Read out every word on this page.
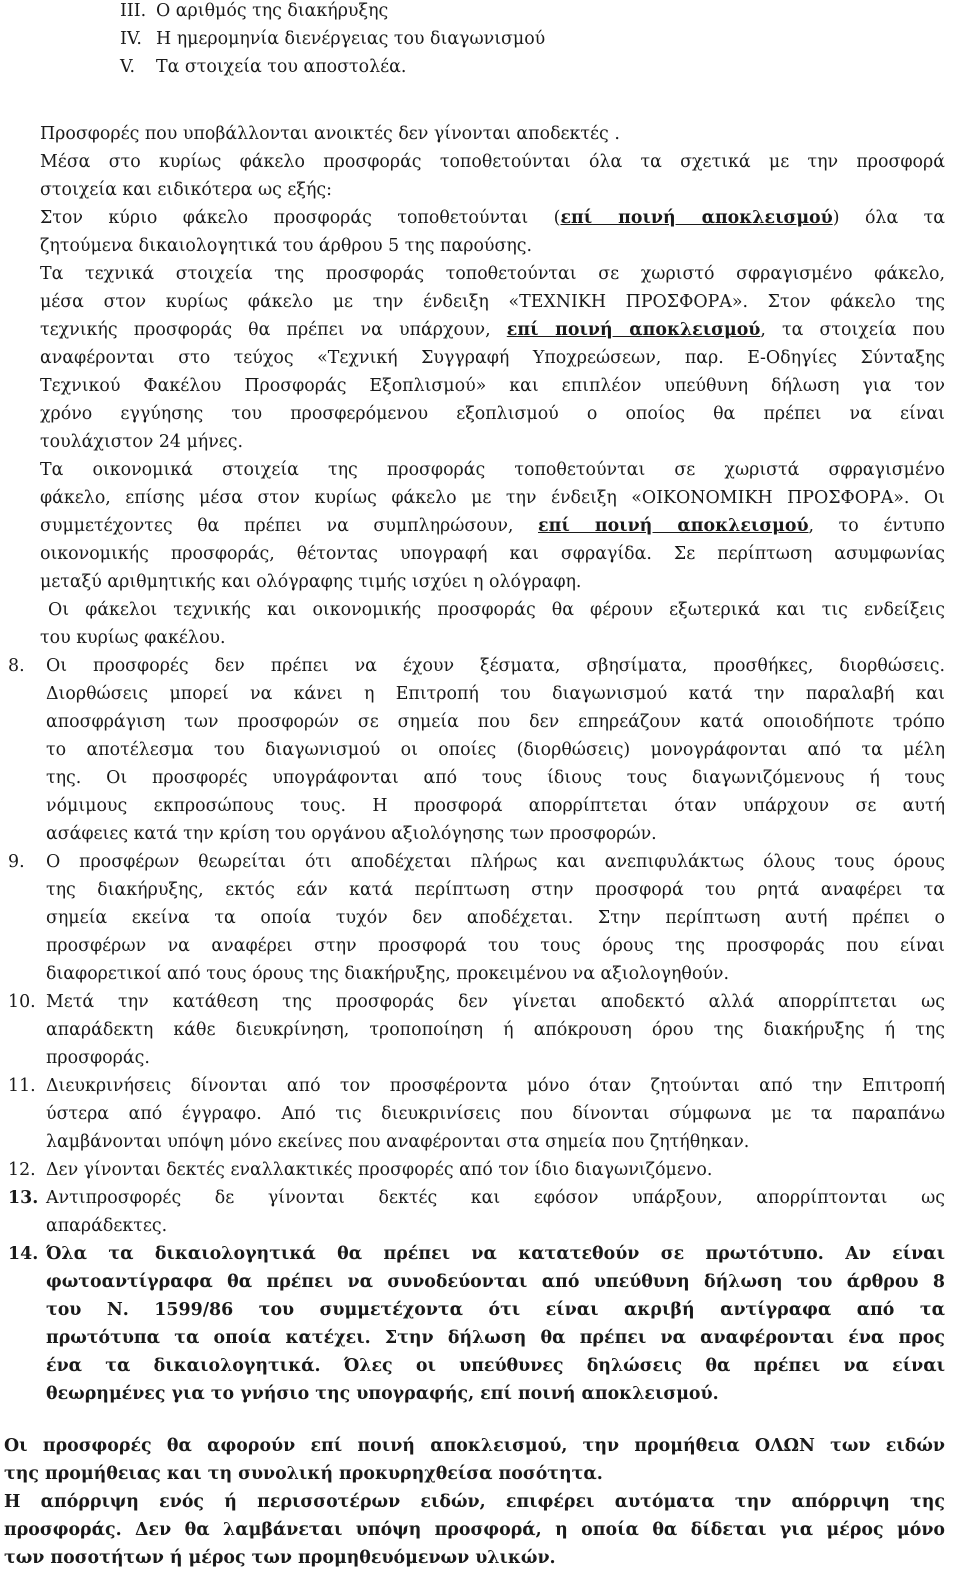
III. Ο αριθμός της διακήρυξης
IV. Η ημερομηνία διενέργειας του διαγωνισμού
V. Τα στοιχεία του αποστολέα.
Προσφορές που υποβάλλονται ανοικτές δεν γίνονται αποδεκτές .
Μέσα στο κυρίως φάκελο προσφοράς τοποθετούνται όλα τα σχετικά με την προσφορά
στοιχεία και ειδικότερα ως εξής:
Στον κύριο φάκελο προσφοράς τοποθετούνται (επί ποινή αποκλεισμού) όλα τα
ζητούμενα δικαιολογητικά του άρθρου 5 της παρούσης.
Τα τεχνικά στοιχεία της προσφοράς τοποθετούνται σε χωριστό σφραγισμένο φάκελο,
μέσα στον κυρίως φάκελο με την ένδειξη «ΤΕΧΝΙΚΗ ΠΡΟΣΦΟΡΑ». Στον φάκελο της
τεχνικής προσφοράς θα πρέπει να υπάρχουν, επί ποινή αποκλεισμού, τα στοιχεία που
αναφέρονται στο τεύχος «Τεχνική Συγγραφή Υποχρεώσεων, παρ. Ε-Οδηγίες Σύνταξης
Τεχνικού Φακέλου Προσφοράς Εξοπλισμού» και επιπλέον υπεύθυνη δήλωση για τον
χρόνο εγγύησης του προσφερόμενου εξοπλισμού ο οποίος θα πρέπει να είναι
τουλάχιστον 24 μήνες.
Τα οικονομικά στοιχεία της προσφοράς τοποθετούνται σε χωριστά σφραγισμένο
φάκελο, επίσης μέσα στον κυρίως φάκελο με την ένδειξη «ΟΙΚΟΝΟΜΙΚΗ ΠΡΟΣΦΟΡΑ». Οι
συμμετέχοντες θα πρέπει να συμπληρώσουν, επί ποινή αποκλεισμού, το έντυπο
οικονομικής προσφοράς, θέτοντας υπογραφή και σφραγίδα. Σε περίπτωση ασυμφωνίας
μεταξύ αριθμητικής και ολόγραφης τιμής ισχύει η ολόγραφη.
Οι φάκελοι τεχνικής και οικονομικής προσφοράς θα φέρουν εξωτερικά και τις ενδείξεις
του κυρίως φακέλου.
8. Οι προσφορές δεν πρέπει να έχουν ξέσματα, σβησίματα, προσθήκες, διορθώσεις.
Διορθώσεις μπορεί να κάνει η Επιτροπή του διαγωνισμού κατά την παραλαβή και
αποσφράγιση των προσφορών σε σημεία που δεν επηρεάζουν κατά οποιοδήποτε τρόπο
το αποτέλεσμα του διαγωνισμού οι οποίες (διορθώσεις) μονογράφονται από τα μέλη
της. Οι προσφορές υπογράφονται από τους ίδιους τους διαγωνιζόμενους ή τους
νόμιμους εκπροσώπους τους. Η προσφορά απορρίπτεται όταν υπάρχουν σε αυτή
ασάφειες κατά την κρίση του οργάνου αξιολόγησης των προσφορών.
9. Ο προσφέρων θεωρείται ότι αποδέχεται πλήρως και ανεπιφυλάκτως όλους τους όρους
της διακήρυξης, εκτός εάν κατά περίπτωση στην προσφορά του ρητά αναφέρει τα
σημεία εκείνα τα οποία τυχόν δεν αποδέχεται. Στην περίπτωση αυτή πρέπει ο
προσφέρων να αναφέρει στην προσφορά του τους όρους της προσφοράς που είναι
διαφορετικοί από τους όρους της διακήρυξης, προκειμένου να αξιολογηθούν.
10. Μετά την κατάθεση της προσφοράς δεν γίνεται αποδεκτό αλλά απορρίπτεται ως
απαράδεκτη κάθε διευκρίνηση, τροποποίηση ή απόκρουση όρου της διακήρυξης ή της
προσφοράς.
11. Διευκρινήσεις δίνονται από τον προσφέροντα μόνο όταν ζητούνται από την Επιτροπή
ύστερα από έγγραφο. Από τις διευκρινίσεις που δίνονται σύμφωνα με τα παραπάνω
λαμβάνονται υπόψη μόνο εκείνες που αναφέρονται στα σημεία που ζητήθηκαν.
12. Δεν γίνονται δεκτές εναλλακτικές προσφορές από τον ίδιο διαγωνιζόμενο.
13. Αντιπροσφορές δε γίνονται δεκτές και εφόσον υπάρξουν, απορρίπτονται ως
απαράδεκτες.
14. Όλα τα δικαιολογητικά θα πρέπει να κατατεθούν σε πρωτότυπο. Αν είναι
φωτοαντίγραφα θα πρέπει να συνοδεύονται από υπεύθυνη δήλωση του άρθρου 8
του Ν. 1599/86 του συμμετέχοντα ότι είναι ακριβή αντίγραφα από τα
πρωτότυπα τα οποία κατέχει. Στην δήλωση θα πρέπει να αναφέρονται ένα προς
ένα τα δικαιολογητικά. Όλες οι υπεύθυνες δηλώσεις θα πρέπει να είναι
θεωρημένες για το γνήσιο της υπογραφής, επί ποινή αποκλεισμού.
Οι προσφορές θα αφορούν επί ποινή αποκλεισμού, την προμήθεια ΟΛΩΝ των ειδών
της προμήθειας και τη συνολική προκυρηχθείσα ποσότητα.
Η απόρριψη ενός ή περισσοτέρων ειδών, επιφέρει αυτόματα την απόρριψη της
προσφοράς. Δεν θα λαμβάνεται υπόψη προσφορά, η οποία θα δίδεται για μέρος μόνο
των ποσοτήτων ή μέρος των προμηθευόμενων υλικών.
